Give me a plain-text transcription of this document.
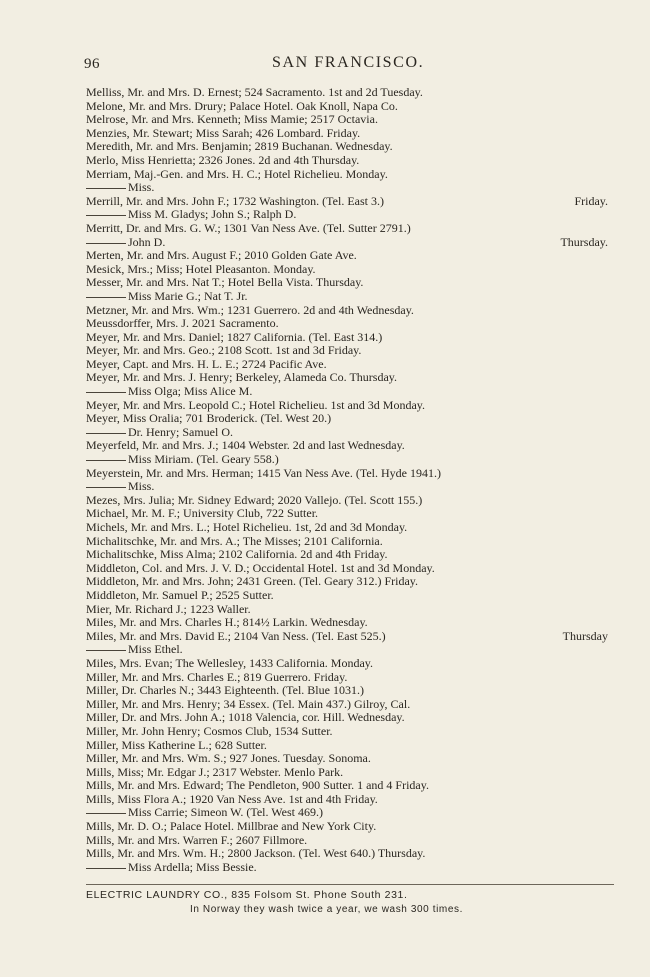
96	SAN FRANCISCO.
Melliss, Mr. and Mrs. D. Ernest; 524 Sacramento. 1st and 2d Tuesday.
Melone, Mr. and Mrs. Drury; Palace Hotel. Oak Knoll, Napa Co.
Melrose, Mr. and Mrs. Kenneth; Miss Mamie; 2517 Octavia.
Menzies, Mr. Stewart; Miss Sarah; 426 Lombard. Friday.
Meredith, Mr. and Mrs. Benjamin; 2819 Buchanan. Wednesday.
Merlo, Miss Henrietta; 2326 Jones. 2d and 4th Thursday.
Merriam, Maj.-Gen. and Mrs. H. C.; Hotel Richelieu. Monday.
Miss.
Merrill, Mr. and Mrs. John F.; 1732 Washington. (Tel. East 3.)	Friday.
Miss M. Gladys; John S.; Ralph D.
Merritt, Dr. and Mrs. G. W.; 1301 Van Ness Ave. (Tel. Sutter 2791.)
John D.	Thursday.
Merten, Mr. and Mrs. August F.; 2010 Golden Gate Ave.
Mesick, Mrs.; Miss; Hotel Pleasanton. Monday.
Messer, Mr. and Mrs. Nat T.; Hotel Bella Vista. Thursday.
Miss Marie G.; Nat T. Jr.
Metzner, Mr. and Mrs. Wm.; 1231 Guerrero. 2d and 4th Wednesday.
Meussdorffer, Mrs. J. 2021 Sacramento.
Meyer, Mr. and Mrs. Daniel; 1827 California. (Tel. East 314.)
Meyer, Mr. and Mrs. Geo.; 2108 Scott. 1st and 3d Friday.
Meyer, Capt. and Mrs. H. L. E.; 2724 Pacific Ave.
Meyer, Mr. and Mrs. J. Henry; Berkeley, Alameda Co. Thursday.
Miss Olga; Miss Alice M.
Meyer, Mr. and Mrs. Leopold C.; Hotel Richelieu. 1st and 3d Monday.
Meyer, Miss Oralia; 701 Broderick. (Tel. West 20.)
Dr. Henry; Samuel O.
Meyerfeld, Mr. and Mrs. J.; 1404 Webster. 2d and last Wednesday.
Miss Miriam. (Tel. Geary 558.)
Meyerstein, Mr. and Mrs. Herman; 1415 Van Ness Ave. (Tel. Hyde 1941.)
Miss.
Mezes, Mrs. Julia; Mr. Sidney Edward; 2020 Vallejo. (Tel. Scott 155.)
Michael, Mr. M. F.; University Club, 722 Sutter.
Michels, Mr. and Mrs. L.; Hotel Richelieu. 1st, 2d and 3d Monday.
Michalitschke, Mr. and Mrs. A.; The Misses; 2101 California.
Michalitschke, Miss Alma; 2102 California. 2d and 4th Friday.
Middleton, Col. and Mrs. J. V. D.; Occidental Hotel. 1st and 3d Monday.
Middleton, Mr. and Mrs. John; 2431 Green. (Tel. Geary 312.) Friday.
Middleton, Mr. Samuel P.; 2525 Sutter.
Mier, Mr. Richard J.; 1223 Waller.
Miles, Mr. and Mrs. Charles H.; 814½ Larkin. Wednesday.
Miles, Mr. and Mrs. David E.; 2104 Van Ness. (Tel. East 525.)	Thursday
Miss Ethel.
Miles, Mrs. Evan; The Wellesley, 1433 California. Monday.
Miller, Mr. and Mrs. Charles E.; 819 Guerrero. Friday.
Miller, Dr. Charles N.; 3443 Eighteenth. (Tel. Blue 1031.)
Miller, Mr. and Mrs. Henry; 34 Essex. (Tel. Main 437.) Gilroy, Cal.
Miller, Dr. and Mrs. John A.; 1018 Valencia, cor. Hill. Wednesday.
Miller, Mr. John Henry; Cosmos Club, 1534 Sutter.
Miller, Miss Katherine L.; 628 Sutter.
Miller, Mr. and Mrs. Wm. S.; 927 Jones. Tuesday. Sonoma.
Mills, Miss; Mr. Edgar J.; 2317 Webster. Menlo Park.
Mills, Mr. and Mrs. Edward; The Pendleton, 900 Sutter. 1 and 4 Friday.
Mills, Miss Flora A.; 1920 Van Ness Ave. 1st and 4th Friday.
Miss Carrie; Simeon W. (Tel. West 469.)
Mills, Mr. D. O.; Palace Hotel. Millbrae and New York City.
Mills, Mr. and Mrs. Warren F.; 2607 Fillmore.
Mills, Mr. and Mrs. Wm. H.; 2800 Jackson. (Tel. West 640.) Thursday.
Miss Ardella; Miss Bessie.
ELECTRIC LAUNDRY CO., 835 Folsom St. Phone South 231.
In Norway they wash twice a year, we wash 300 times.
